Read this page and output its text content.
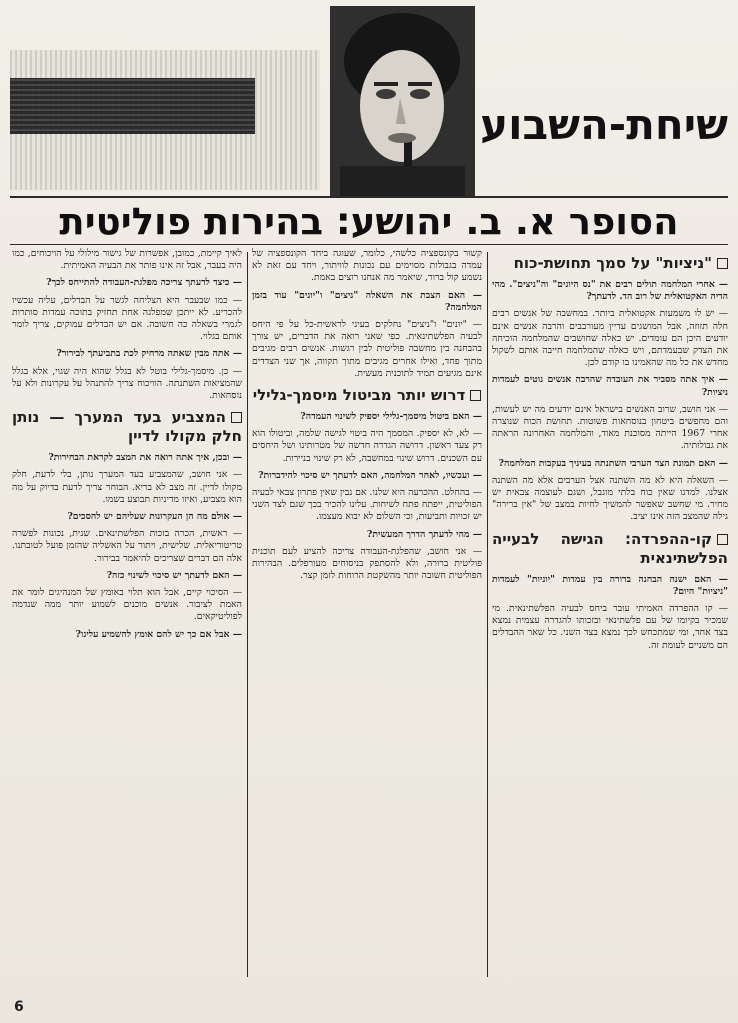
שיחת-השבוע
הסופר א. ב. יהושע: בהירות פוליטית
"ניציות" על סמך תחושת-כוח

— אחרי המלחמה תולים רבים את "נס היונים" וה"ניצים". מהי הדיה האקטואלית של רוב הד. לדעתך?

— יש לו משמעות אקטואלית ביותר. במחשבה של אנשים רבים חלה תזוזה, אבל המושגים עדיין מעורבבים והרבה אנשים אינם יודעים היכן הם עומדים. יש כאלה שחושבים שהמלחמה הוכיחה את הצדק שבעמדתם, ויש כאלה שהמלחמה חייבה אותם לשקול מחדש את כל מה שהאמינו בו קודם לכן.

— איך אתה מסביר את העובדה שהרבה אנשים נוטים לעמדות ניציות?

— אני חושב, שרוב האנשים בישראל אינם יודעים מה יש לעשות, והם מחפשים ביטחון בנוסחאות פשוטות. תחושת הכוח שנוצרה אחרי 1967 הייתה מסוכנת מאוד, והמלחמה האחרונה הראתה את גבולותיה.

— האם תמונת הצד הערבי השתנתה בעיניך בעקבות המלחמה?

— השאלה היא לא מה השתנה אצל הערבים אלא מה השתנה אצלנו. למדנו שאין כוח בלתי מוגבל, ושגם לעוצמה צבאית יש מחיר. מי שחשב שאפשר להמשיך לחיות במצב של "אין ברירה" גילה שהמצב הזה אינו יציב.

קו-ההפרדה: הגישה לבעייה הפלשתינאית

— האם ישנה הבחנה ברורה בין עמדות "יוניות" לעמדות "ניציות" היום?

— קו ההפרדה האמיתי עובר ביחס לבעיה הפלשתינאית. מי שמכיר בקיומו של עם פלשתינאי ובזכותו להגדרה עצמית נמצא בצד אחד, ומי שמתכחש לכך נמצא בצד השני. כל שאר ההבדלים הם משניים לעומת זה.

קשור בקונספציה כלשהי, כלומר, שעוגה ביחד הקונספציה של עמדה בגבולות מסוימים עם נכונות לוויתור, ויחד עם זאת לא נשמע קול ברור, שיאמר מה אנחנו רוצים באמת.

— האם הצבת את השאלה "ניצים" ו"יונים" עוד בזמן המלחמה?

— "יונים" ו"ניצים" נחלקים בעיני לראשית-כל על פי היחס לבעיה הפלשתינאית. כפי שאני רואה את הדברים, יש צורך בהבחנה בין מחשבה פוליטית לבין רגשות. אנשים רבים מגיבים מתוך פחד, ואילו אחרים מגיבים מתוך תקווה, אך שני הצדדים אינם מגיעים תמיד לתוכנית מעשית.

דרוש יותר מביטול מיסמך-גלילי

— האם ביטול מיסמך-גלילי יספיק לשינוי העמדה?

— לא, לא יספיק. המסמך היה ביטוי לגישה שלמה, וביטולו הוא רק צעד ראשון. דרושה הגדרה חדשה של מטרותינו ושל היחסים עם השכנים. דרוש שינוי במחשבה, לא רק שינוי בניירות.

— ועכשיו, לאחר המלחמה, האם לדעתך יש סיכוי להידברות?

— בהחלט. ההכרעה היא שלנו. אם נבין שאין פתרון צבאי לבעיה הפוליטית, ייפתח פתח לשיחות. עלינו להכיר בכך שגם לצד השני יש זכויות ותביעות, וכי השלום לא יבוא מעצמו.

— מהי לדעתך הדרך המעשית?

— אני חושב, שהפלגת-העבודה צריכה להציע לעם תוכנית פוליטית ברורה, ולא להסתפק בניסוחים מעורפלים. הבהירות הפוליטית חשובה יותר מהשקטת הרוחות לזמן קצר.

לאיך קיימת, כמובן, אפשרות של גישור מילולי על הויכוחים, כמו היה בעבר, אבל זה אינו פותר את הבעיה האמיתית.

— כיצד לדעתך צריכה מפלגת-העבודה להתייחס לכך?

— כמו שבעבר היא הצליחה לגשר על הבדלים, עליה עכשיו להכריע. לא ייתכן שמפלגה אחת תחזיק בתוכה עמדות סותרות לגמרי בשאלה כה חשובה. אם יש הבדלים עמוקים, צריך לומר אותם בגלוי.

— אתה מבין שאתה מרחיק לכת בתביעתך לבירור?

— כן. מיסמך-גלילי בוטל לא בגלל שהוא היה שגוי, אלא בגלל שהמציאות השתנתה. הוויכוח צריך להתנהל על עקרונות ולא על נוסחאות.

המצביע בעד המערך — נותן חלק מקולו לדיין

— ובכן, איך אתה רואה את המצב לקראת הבחירות?

— אני חושב, שהמצביע בעד המערך נותן, בלי לדעת, חלק מקולו לדיין. זה מצב לא בריא. הבוחר צריך לדעת בדיוק על מה הוא מצביע, ואיזו מדיניות תבוצע בשמו.

— אולם מה הן העקרונות שעליהם יש להסכים?

— ראשית, הכרה בזכות הפלשתינאים. שנית, נכונות לפשרה טריטוריאלית. שלישית, ויתור על האשליה שהזמן פועל לטובתנו. אלה הם דברים שצריכים להיאמר בבירור.

— האם לדעתך יש סיכוי לשינוי כזה?

— הסיכוי קיים, אבל הוא תלוי באומץ של המנהיגים לומר את האמת לציבור. אנשים מוכנים לשמוע יותר ממה שנדמה לפוליטיקאים.

— אבל אם כך יש להם אומץ להשמיע עלינו?

6
